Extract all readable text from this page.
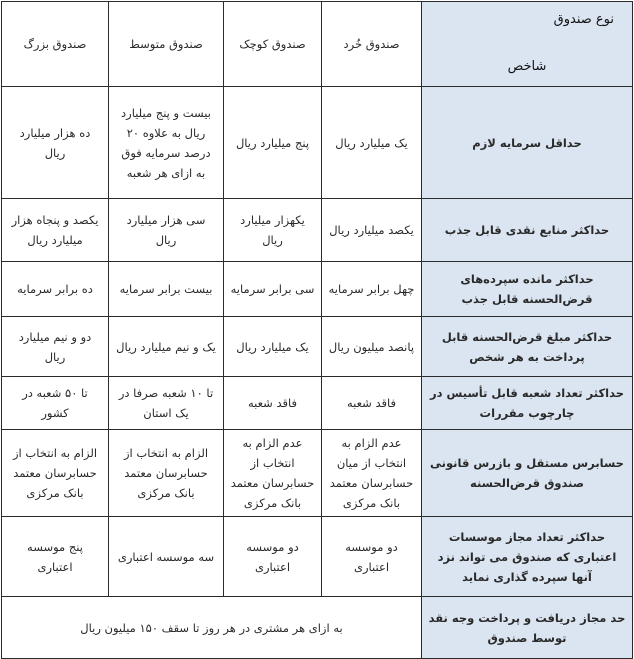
نوع صندوق
شاخص	صندوق خُرد	صندوق کوچک	صندوق متوسط	صندوق بزرگ
حداقل سرمایه لازم	یک میلیارد ریال	پنج میلیارد ریال	بیست و پنج میلیارد ریال به علاوه ۲۰ درصد سرمایه فوق به ازای هر شعبه	ده هزار میلیارد ریال
حداکثر منابع نقدی قابل جذب	یکصد میلیارد ریال	یکهزار میلیارد ریال	سی هزار میلیارد ریال	یکصد و پنجاه هزار میلیارد ریال
حداکثر مانده سپرده‌های قرض‌الحسنه قابل جذب	چهل برابر سرمایه	سی برابر سرمایه	بیست برابر سرمایه	ده برابر سرمایه
حداکثر مبلغ قرض‌الحسنه قابل پرداخت به هر شخص	پانصد میلیون ریال	یک میلیارد ریال	یک و نیم میلیارد ریال	دو و نیم میلیارد ریال
حداکثر تعداد شعبه قابل تأسیس در چارچوب مقررات	فاقد شعبه	فاقد شعبه	تا ۱۰ شعبه صرفا در یک استان	تا ۵۰ شعبه در کشور
حسابرس مستقل و بازرس قانونی صندوق قرض‌الحسنه	عدم الزام به انتخاب از میان حسابرسان معتمد بانک مرکزی	عدم الزام به انتخاب از حسابرسان معتمد بانک مرکزی	الزام به انتخاب از حسابرسان معتمد بانک مرکزی	الزام به انتخاب از حسابرسان معتمد بانک مرکزی
حداکثر تعداد مجاز موسسات اعتباری که صندوق می تواند نزد آنها سپرده گذاری نماید	دو موسسه اعتباری	دو موسسه اعتباری	سه موسسه اعتباری	پنج موسسه اعتباری
حد مجاز دریافت و پرداخت وجه نقد توسط صندوق	به ازای هر مشتری در هر روز تا سقف ۱۵۰ میلیون ریال			
